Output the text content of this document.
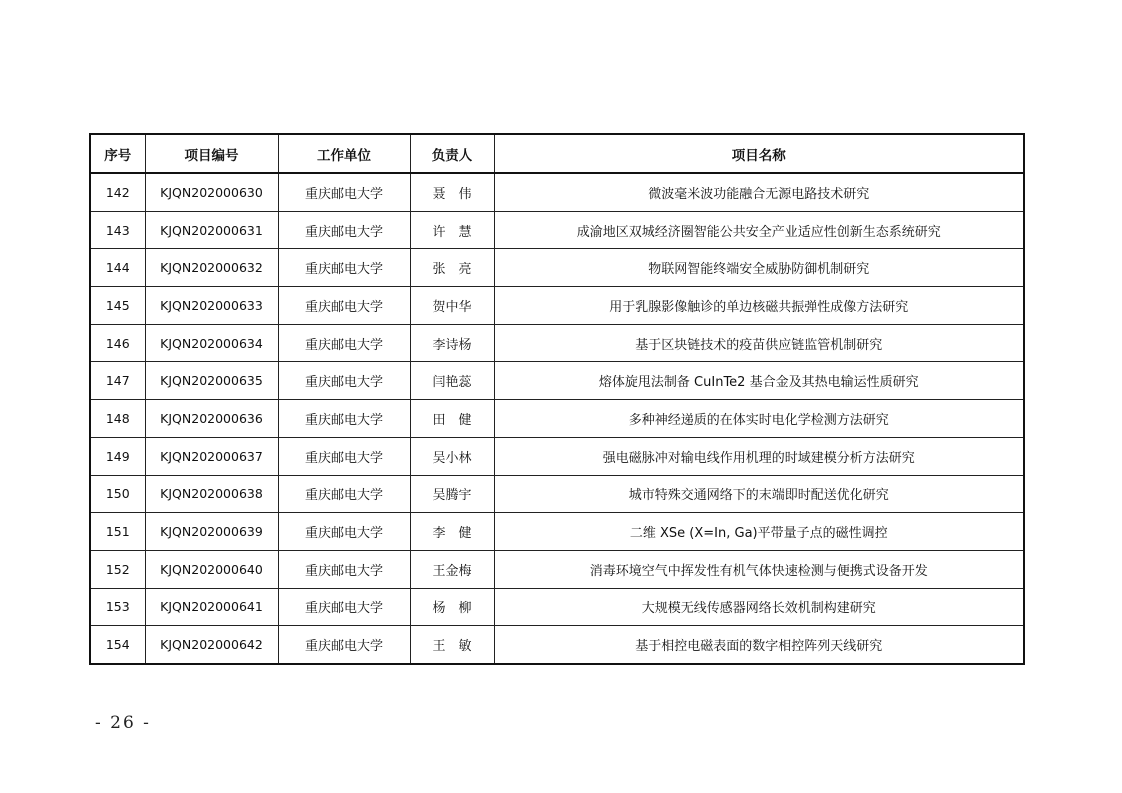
序号	项目编号	工作单位	负责人	项目名称
142	KJQN202000630	重庆邮电大学	聂　伟	微波毫米波功能融合无源电路技术研究
143	KJQN202000631	重庆邮电大学	许　慧	成渝地区双城经济圈智能公共安全产业适应性创新生态系统研究
144	KJQN202000632	重庆邮电大学	张　亮	物联网智能终端安全威胁防御机制研究
145	KJQN202000633	重庆邮电大学	贺中华	用于乳腺影像触诊的单边核磁共振弹性成像方法研究
146	KJQN202000634	重庆邮电大学	李诗杨	基于区块链技术的疫苗供应链监管机制研究
147	KJQN202000635	重庆邮电大学	闫艳蕊	熔体旋甩法制备 CuInTe2 基合金及其热电输运性质研究
148	KJQN202000636	重庆邮电大学	田　健	多种神经递质的在体实时电化学检测方法研究
149	KJQN202000637	重庆邮电大学	吴小林	强电磁脉冲对输电线作用机理的时域建模分析方法研究
150	KJQN202000638	重庆邮电大学	吴腾宇	城市特殊交通网络下的末端即时配送优化研究
151	KJQN202000639	重庆邮电大学	李　健	二维 XSe (X=In, Ga)平带量子点的磁性调控
152	KJQN202000640	重庆邮电大学	王金梅	消毒环境空气中挥发性有机气体快速检测与便携式设备开发
153	KJQN202000641	重庆邮电大学	杨　柳	大规模无线传感器网络长效机制构建研究
154	KJQN202000642	重庆邮电大学	王　敏	基于相控电磁表面的数字相控阵列天线研究
- 26 -
